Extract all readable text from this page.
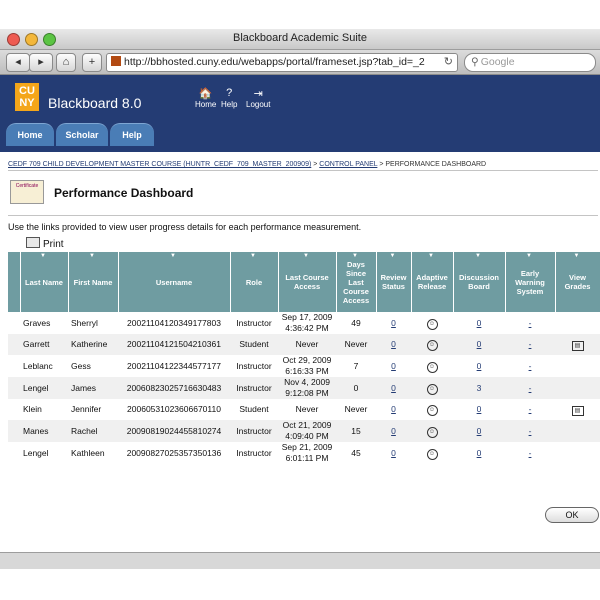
Blackboard Academic Suite
◂	▸	⌂	+	http://bbhosted.cuny.edu/webapps/portal/frameset.jsp?tab_id=_2 ↻	⚲ Google
CU
NY Blackboard 8.0
🏠
Home
?
Help
⇥
Logout
Home	Scholar	Help
CEDF 709 CHILD DEVELOPMENT MASTER COURSE (HUNTR_CEDF_709_MASTER_200909) > CONTROL PANEL > PERFORMANCE DASHBOARD
Certificate	Performance Dashboard
Use the links provided to view user progress details for each performance measurement.
Print

	▼
Last Name	▼
First Name	▼
Username	▼
Role	▼
Last Course Access	▼
Days Since Last Course Access	▼
Review Status	▼
Adaptive Release	▼
Discussion Board	▼
Early Warning System	▼
View Grades
	Graves	Sherryl	20021104120349177803	Instructor	Sep 17, 2009 4:36:42 PM	49	0	☺	0	-	
	Garrett	Katherine	20021104121504210361	Student	Never	Never	0	☺	0	-	▤
	Leblanc	Gess	20021104122344577177	Instructor	Oct 29, 2009 6:16:33 PM	7	0	☺	0	-	
	Lengel	James	20060823025716630483	Instructor	Nov 4, 2009 9:12:08 PM	0	0	☺	3	-	
	Klein	Jennifer	20060531023606670110	Student	Never	Never	0	☺	0	-	▤
	Manes	Rachel	20090819024455810274	Instructor	Oct 21, 2009 4:09:40 PM	15	0	☺	0	-	
	Lengel	Kathleen	20090827025357350136	Instructor	Sep 21, 2009 6:01:11 PM	45	0	☺	0	-	
OK
